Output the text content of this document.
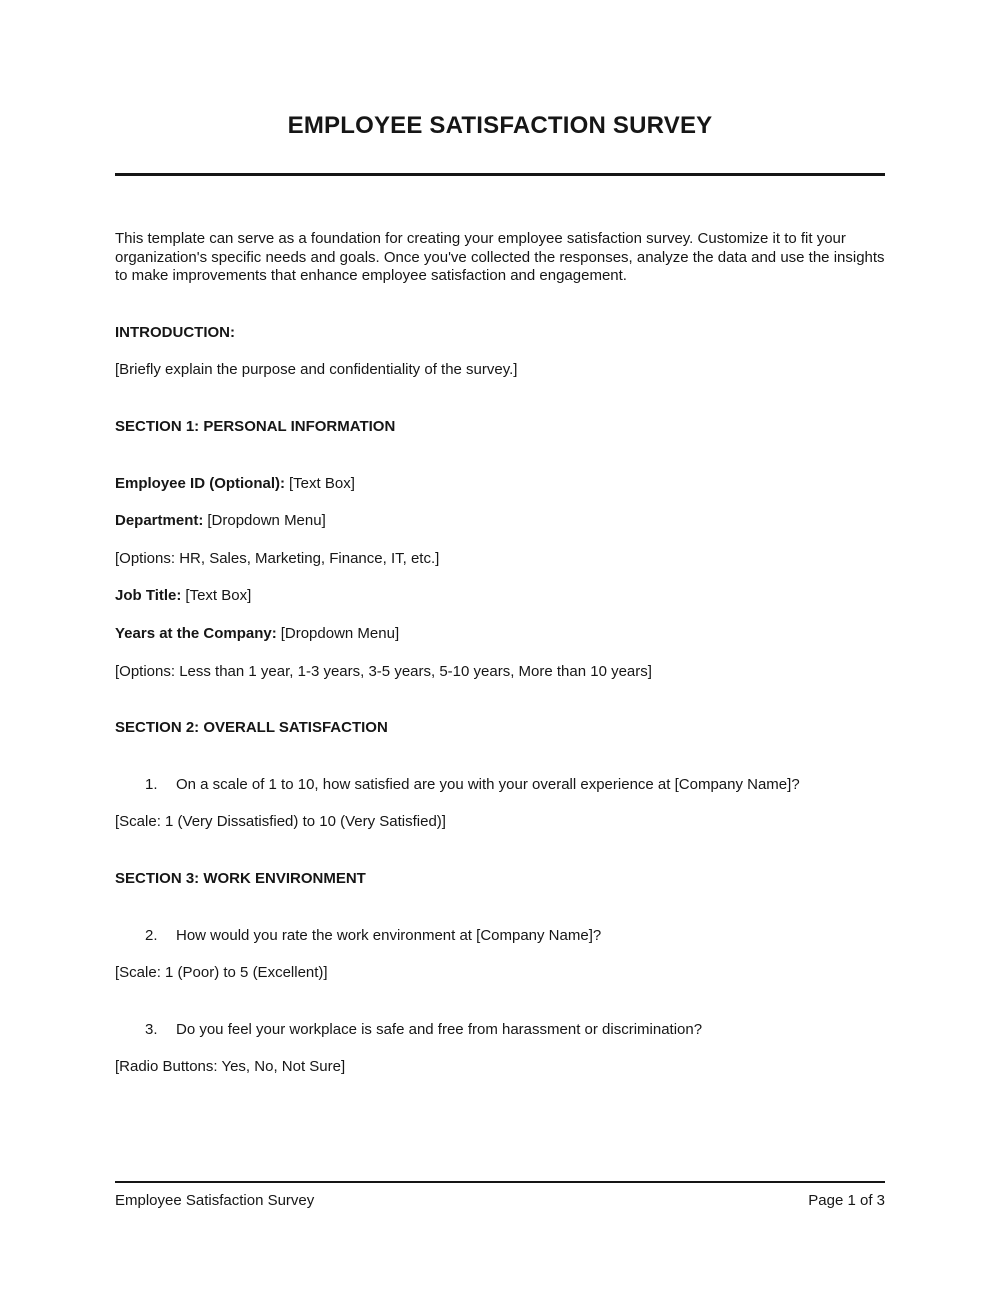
EMPLOYEE SATISFACTION SURVEY

This template can serve as a foundation for creating your employee satisfaction survey. Customize it to fit your organization's specific needs and goals. Once you've collected the responses, analyze the data and use the insights to make improvements that enhance employee satisfaction and engagement.

INTRODUCTION:

[Briefly explain the purpose and confidentiality of the survey.]

SECTION 1: PERSONAL INFORMATION

Employee ID (Optional): [Text Box]

Department: [Dropdown Menu]

[Options: HR, Sales, Marketing, Finance, IT, etc.]

Job Title: [Text Box]

Years at the Company: [Dropdown Menu]

[Options: Less than 1 year, 1-3 years, 3-5 years, 5-10 years, More than 10 years]

SECTION 2: OVERALL SATISFACTION

1. On a scale of 1 to 10, how satisfied are you with your overall experience at [Company Name]?

[Scale: 1 (Very Dissatisfied) to 10 (Very Satisfied)]

SECTION 3: WORK ENVIRONMENT

2. How would you rate the work environment at [Company Name]?

[Scale: 1 (Poor) to 5 (Excellent)]

3. Do you feel your workplace is safe and free from harassment or discrimination?

[Radio Buttons: Yes, No, Not Sure]

Employee Satisfaction Survey	Page 1 of 3
